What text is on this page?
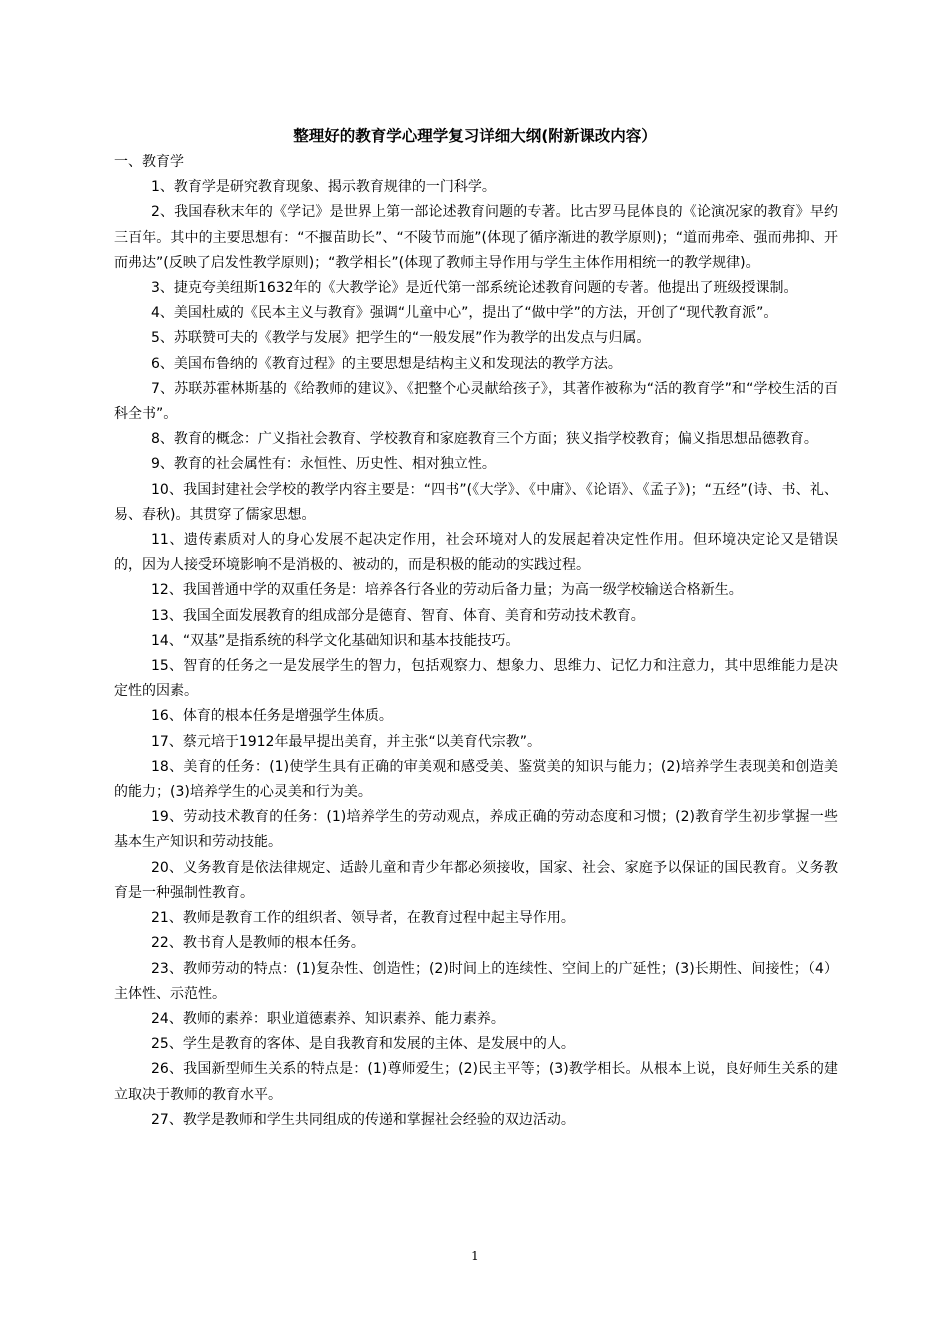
整理好的教育学心理学复习详细大纲(附新课改内容）

一、教育学

1、教育学是研究教育现象、揭示教育规律的一门科学。

2、我国春秋末年的《学记》是世界上第一部论述教育问题的专著。比古罗马昆体良的《论演况家的教育》早约三百年。其中的主要思想有：“不揠苗助长”、“不陵节而施”(体现了循序渐进的教学原则)；“道而弗牵、强而弗抑、开而弗达”(反映了启发性教学原则)；“教学相长”(体现了教师主导作用与学生主体作用相统一的教学规律)。

3、捷克夸美纽斯1632年的《大教学论》是近代第一部系统论述教育问题的专著。他提出了班级授课制。

4、美国杜威的《民本主义与教育》强调“儿童中心”，提出了“做中学”的方法，开创了“现代教育派”。

5、苏联赞可夫的《教学与发展》把学生的“一般发展”作为教学的出发点与归属。

6、美国布鲁纳的《教育过程》的主要思想是结构主义和发现法的教学方法。

7、苏联苏霍林斯基的《给教师的建议》、《把整个心灵献给孩子》，其著作被称为“活的教育学”和“学校生活的百科全书”。

8、教育的概念：广义指社会教育、学校教育和家庭教育三个方面；狭义指学校教育；偏义指思想品德教育。

9、教育的社会属性有：永恒性、历史性、相对独立性。

10、我国封建社会学校的教学内容主要是：“四书”(《大学》、《中庸》、《论语》、《孟子》)；“五经”(诗、书、礼、易、春秋)。其贯穿了儒家思想。

11、遗传素质对人的身心发展不起决定作用，社会环境对人的发展起着决定性作用。但环境决定论又是错误的，因为人接受环境影响不是消极的、被动的，而是积极的能动的实践过程。

12、我国普通中学的双重任务是：培养各行各业的劳动后备力量；为高一级学校输送合格新生。

13、我国全面发展教育的组成部分是德育、智育、体育、美育和劳动技术教育。

14、“双基”是指系统的科学文化基础知识和基本技能技巧。

15、智育的任务之一是发展学生的智力，包括观察力、想象力、思维力、记忆力和注意力，其中思维能力是决定性的因素。

16、体育的根本任务是增强学生体质。

17、蔡元培于1912年最早提出美育，并主张“以美育代宗教”。

18、美育的任务：(1)使学生具有正确的审美观和感受美、鉴赏美的知识与能力；(2)培养学生表现美和创造美的能力；(3)培养学生的心灵美和行为美。

19、劳动技术教育的任务：(1)培养学生的劳动观点，养成正确的劳动态度和习惯；(2)教育学生初步掌握一些基本生产知识和劳动技能。

20、义务教育是依法律规定、适龄儿童和青少年都必须接收，国家、社会、家庭予以保证的国民教育。义务教育是一种强制性教育。

21、教师是教育工作的组织者、领导者，在教育过程中起主导作用。

22、教书育人是教师的根本任务。

23、教师劳动的特点：(1)复杂性、创造性；(2)时间上的连续性、空间上的广延性；(3)长期性、间接性；（4）主体性、示范性。

24、教师的素养：职业道德素养、知识素养、能力素养。

25、学生是教育的客体、是自我教育和发展的主体、是发展中的人。

26、我国新型师生关系的特点是：(1)尊师爱生；(2)民主平等；(3)教学相长。从根本上说，良好师生关系的建立取决于教师的教育水平。

27、教学是教师和学生共同组成的传递和掌握社会经验的双边活动。

1
